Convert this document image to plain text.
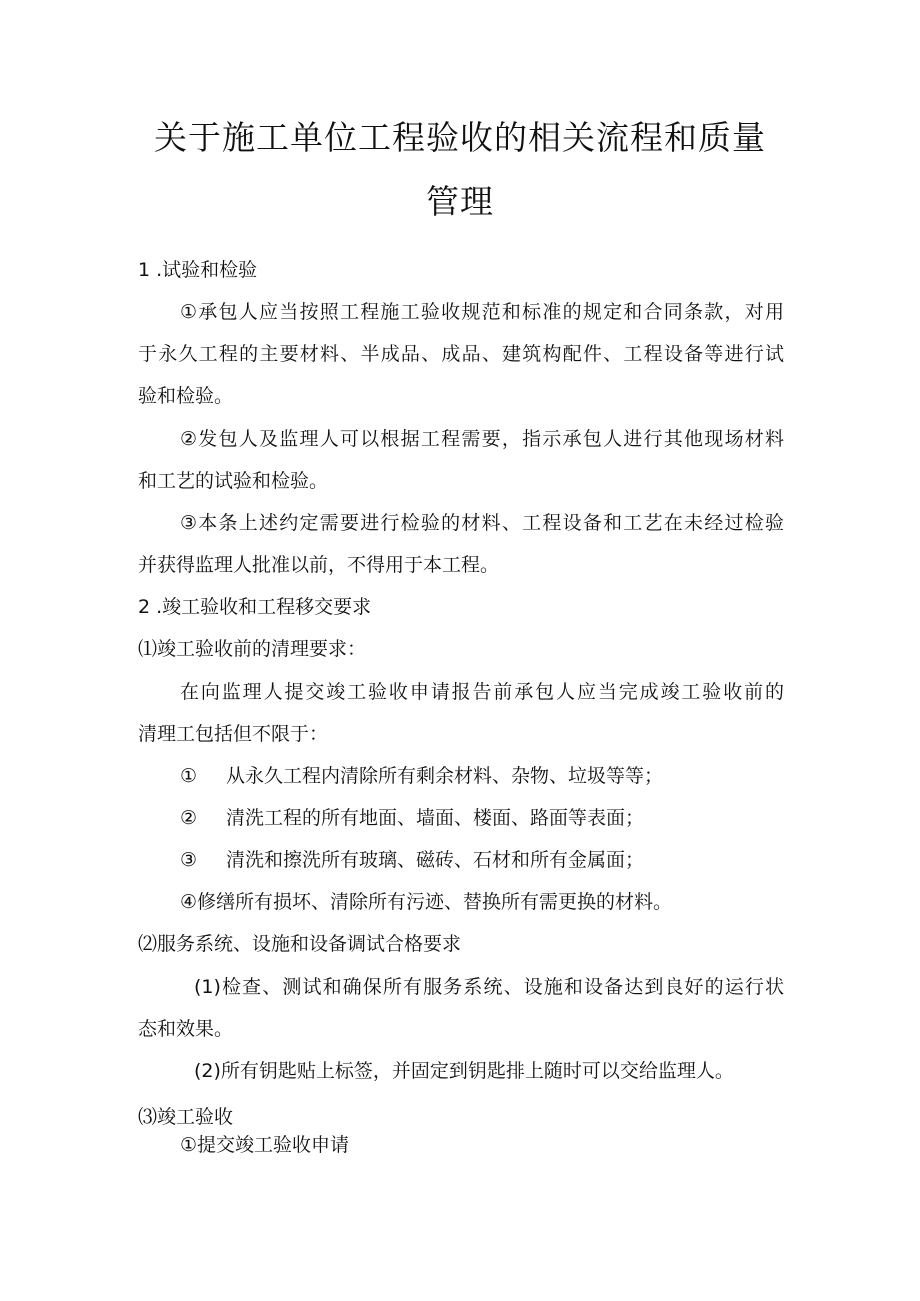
关于施工单位工程验收的相关流程和质量
管理

1 .试验和检验

①承包人应当按照工程施工验收规范和标准的规定和合同条款，对用

于永久工程的主要材料、半成品、成品、建筑构配件、工程设备等进行试

验和检验。

②发包人及监理人可以根据工程需要，指示承包人进行其他现场材料

和工艺的试验和检验。

③本条上述约定需要进行检验的材料、工程设备和工艺在未经过检验

并获得监理人批准以前，不得用于本工程。

2 .竣工验收和工程移交要求

⑴竣工验收前的清理要求：

在向监理人提交竣工验收申请报告前承包人应当完成竣工验收前的

清理工包括但不限于：

① 从永久工程内清除所有剩余材料、杂物、垃圾等等；

② 清洗工程的所有地面、墙面、楼面、路面等表面；

③ 清洗和擦洗所有玻璃、磁砖、石材和所有金属面；

④修缮所有损坏、清除所有污迹、替换所有需更换的材料。

⑵服务系统、设施和设备调试合格要求

(1)检查、测试和确保所有服务系统、设施和设备达到良好的运行状

态和效果。

(2)所有钥匙贴上标签，并固定到钥匙排上随时可以交给监理人。

⑶竣工验收

①提交竣工验收申请
